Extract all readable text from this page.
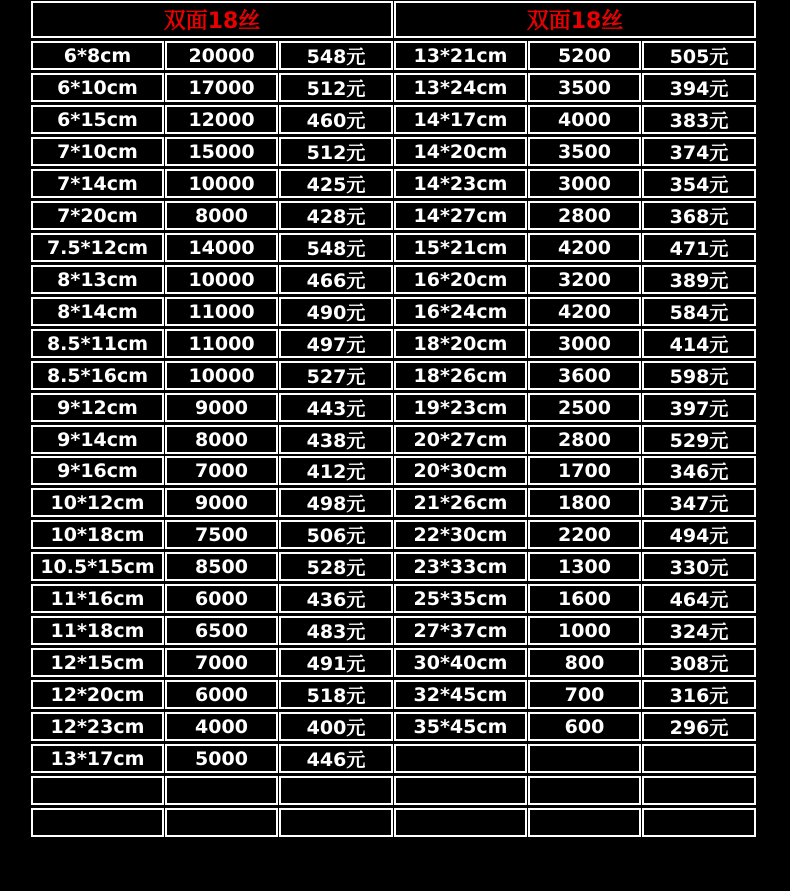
双面18丝
6*8cm	20000	548元
6*10cm	17000	512元
6*15cm	12000	460元
7*10cm	15000	512元
7*14cm	10000	425元
7*20cm	8000	428元
7.5*12cm	14000	548元
8*13cm	10000	466元
8*14cm	11000	490元
8.5*11cm	11000	497元
8.5*16cm	10000	527元
9*12cm	9000	443元
9*14cm	8000	438元
9*16cm	7000	412元
10*12cm	9000	498元
10*18cm	7500	506元
10.5*15cm	8500	528元
11*16cm	6000	436元
11*18cm	6500	483元
12*15cm	7000	491元
12*20cm	6000	518元
12*23cm	4000	400元
13*17cm	5000	446元
双面18丝
13*21cm	5200	505元
13*24cm	3500	394元
14*17cm	4000	383元
14*20cm	3500	374元
14*23cm	3000	354元
14*27cm	2800	368元
15*21cm	4200	471元
16*20cm	3200	389元
16*24cm	4200	584元
18*20cm	3000	414元
18*26cm	3600	598元
19*23cm	2500	397元
20*27cm	2800	529元
20*30cm	1700	346元
21*26cm	1800	347元
22*30cm	2200	494元
23*33cm	1300	330元
25*35cm	1600	464元
27*37cm	1000	324元
30*40cm	800	308元
32*45cm	700	316元
35*45cm	600	296元
